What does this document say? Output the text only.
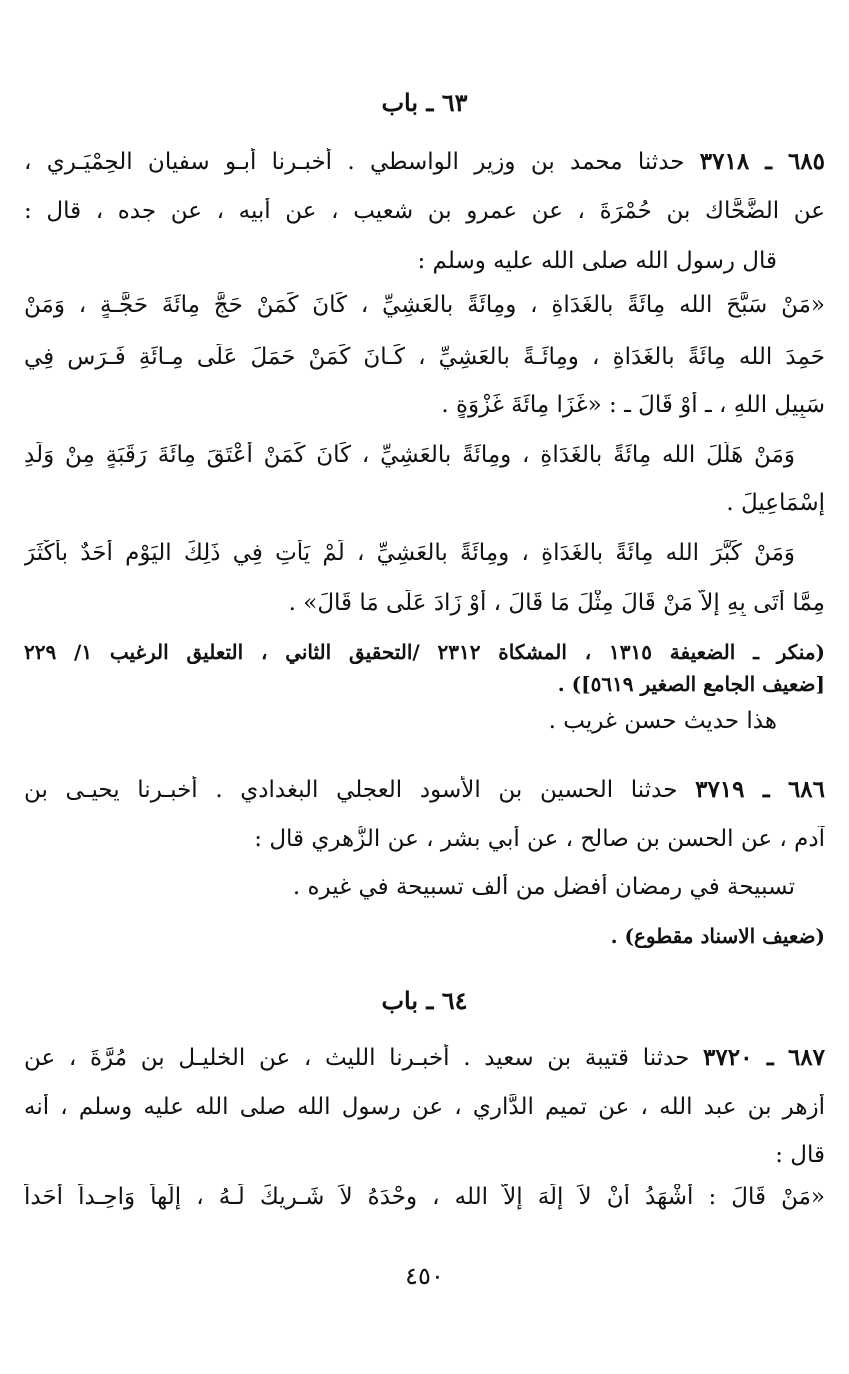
٦٣ ـ باب
٦٨٥ ـ ٣٧١٨ حدثنا محمد بن وزير الواسطي . أخبـرنا أبـو سفيان الحِمْيَـري ،
عن الضَّحَّاك بن حُمْرَةَ ، عن عمرو بن شعيب ، عن أبيه ، عن جده ، قال :
قال رسول الله صلى الله عليه وسلم :
«مَنْ سَبَّحَ الله مِائَةً بالغَدَاةِ ، ومِائَةً بالعَشِيِّ ، كَانَ كَمَنْ حَجَّ مِائَةَ حَجَّـةٍ ، وَمَنْ
حَمِدَ الله مِائَةً بالغَدَاةِ ، ومِائَـةً بالعَشِيِّ ، كَـانَ كَمَنْ حَمَلَ عَلَى مِـائَةِ فَـرَسٍ فِي
سَبِيلِ اللهِ ، ـ أَوْ قَالَ ـ : «غَزَا مِائَةَ غَزْوَةٍ .
وَمَنْ هَلَّلَ الله مِائَةً بالغَدَاةِ ، ومِائَةً بالعَشِيِّ ، كَانَ كَمَنْ أَعْتَقَ مِائَةَ رَقَبَةٍ مِنْ وَلَدِ
إِسْمَاعِيلَ .
وَمَنْ كَبَّرَ الله مِائَةً بالغَدَاةِ ، ومِائَةً بالعَشِيِّ ، لَمْ يَأْتِ فِي ذَلِكَ اليَوْمِ أَحَدٌ بأَكْثَرَ
مِمَّا أَتَى بِهِ إِلاَّ مَنْ قَالَ مِثْلَ مَا قَالَ ، أَوْ زَادَ عَلَى مَا قَالَ» .
(منكر ـ الضعيفة ١٣١٥ ، المشكاة ٢٣١٢ /التحقيق الثاني ، التعليق الرغيب ١/ ٢٢٩
[ضعيف الجامع الصغير ٥٦١٩]) .
هذا حديث حسن غريب .
٦٨٦ ـ ٣٧١٩ حدثنا الحسين بن الأسود العجلي البغدادي . أخبـرنا يحيـى بن
آدم ، عن الحسن بن صالح ، عن أبي بشر ، عن الزُّهري قال :
تسبيحة في رمضان أفضل من ألف تسبيحة في غيره .
(ضعيف الاسناد مقطوع) .
٦٤ ـ باب
٦٨٧ ـ ٣٧٢٠ حدثنا قتيبة بن سعيد . أخبـرنا الليث ، عن الخليـل بن مُرَّةَ ، عن
أزهر بن عبد الله ، عن تميم الدَّاري ، عن رسول الله صلى الله عليه وسلم ، أنه
قال :
«مَنْ قَالَ : أَشْهَدُ أَنْ لاَ إِلَهَ إِلاَّ الله ، وحْدَهُ لاَ شَـرِيكَ لَـهُ ، إِلَهاً وَاحِـداً أَحَداً
٤٥٠
